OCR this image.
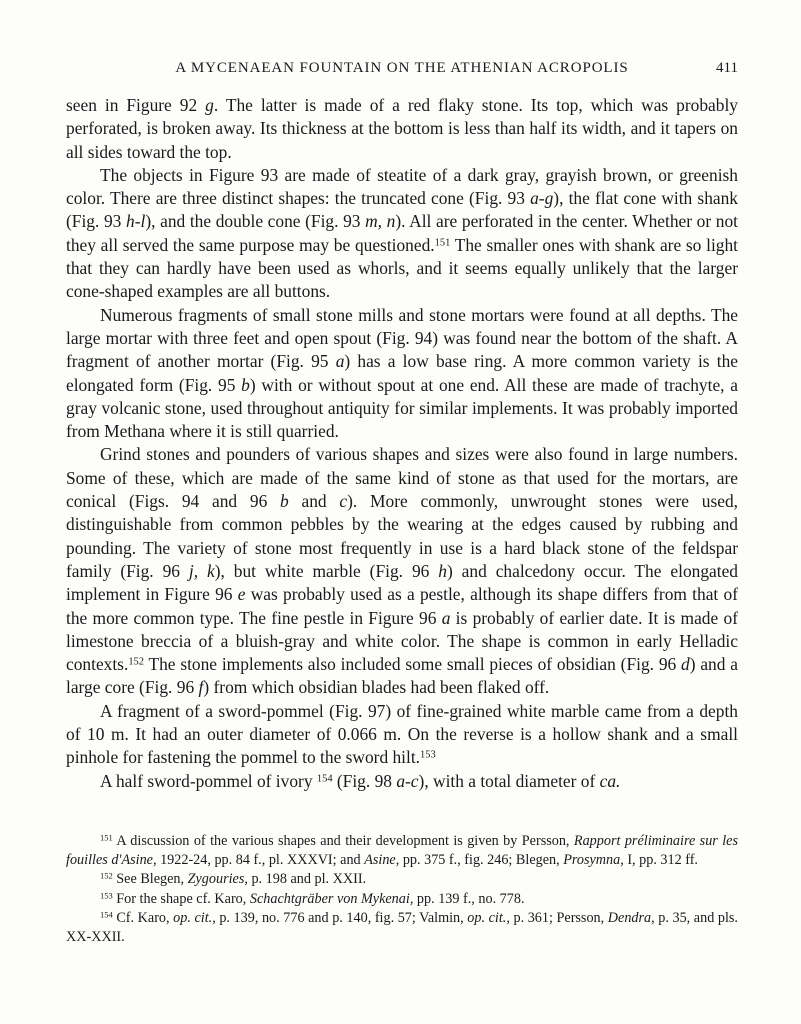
A MYCENAEAN FOUNTAIN ON THE ATHENIAN ACROPOLIS	411

seen in Figure 92 g. The latter is made of a red flaky stone. Its top, which was probably perforated, is broken away. Its thickness at the bottom is less than half its width, and it tapers on all sides toward the top.

The objects in Figure 93 are made of steatite of a dark gray, grayish brown, or greenish color. There are three distinct shapes: the truncated cone (Fig. 93 a-g), the flat cone with shank (Fig. 93 h-l), and the double cone (Fig. 93 m, n). All are perforated in the center. Whether or not they all served the same purpose may be questioned.$^{151}$ The smaller ones with shank are so light that they can hardly have been used as whorls, and it seems equally unlikely that the larger cone-shaped examples are all buttons.

Numerous fragments of small stone mills and stone mortars were found at all depths. The large mortar with three feet and open spout (Fig. 94) was found near the bottom of the shaft. A fragment of another mortar (Fig. 95 a) has a low base ring. A more common variety is the elongated form (Fig. 95 b) with or without spout at one end. All these are made of trachyte, a gray volcanic stone, used throughout antiquity for similar implements. It was probably imported from Methana where it is still quarried.

Grind stones and pounders of various shapes and sizes were also found in large numbers. Some of these, which are made of the same kind of stone as that used for the mortars, are conical (Figs. 94 and 96 b and c). More commonly, unwrought stones were used, distinguishable from common pebbles by the wearing at the edges caused by rubbing and pounding. The variety of stone most frequently in use is a hard black stone of the feldspar family (Fig. 96 j, k), but white marble (Fig. 96 h) and chalcedony occur. The elongated implement in Figure 96 e was probably used as a pestle, although its shape differs from that of the more common type. The fine pestle in Figure 96 a is probably of earlier date. It is made of limestone breccia of a bluish-gray and white color. The shape is common in early Helladic contexts.$^{152}$ The stone implements also included some small pieces of obsidian (Fig. 96 d) and a large core (Fig. 96 f) from which obsidian blades had been flaked off.

A fragment of a sword-pommel (Fig. 97) of fine-grained white marble came from a depth of 10 m. It had an outer diameter of 0.066 m. On the reverse is a hollow shank and a small pinhole for fastening the pommel to the sword hilt.$^{153}$

A half sword-pommel of ivory $^{154}$ (Fig. 98 a-c), with a total diameter of ca.

$^{151}$ A discussion of the various shapes and their development is given by Persson, Rapport préliminaire sur les fouilles d'Asine, 1922-24, pp. 84 f., pl. XXXVI; and Asine, pp. 375 f., fig. 246; Blegen, Prosymna, I, pp. 312 ff.

$^{152}$ See Blegen, Zygouries, p. 198 and pl. XXII.

$^{153}$ For the shape cf. Karo, Schachtgräber von Mykenai, pp. 139 f., no. 778.

$^{154}$ Cf. Karo, op. cit., p. 139, no. 776 and p. 140, fig. 57; Valmin, op. cit., p. 361; Persson, Dendra, p. 35, and pls. XX-XXII.
